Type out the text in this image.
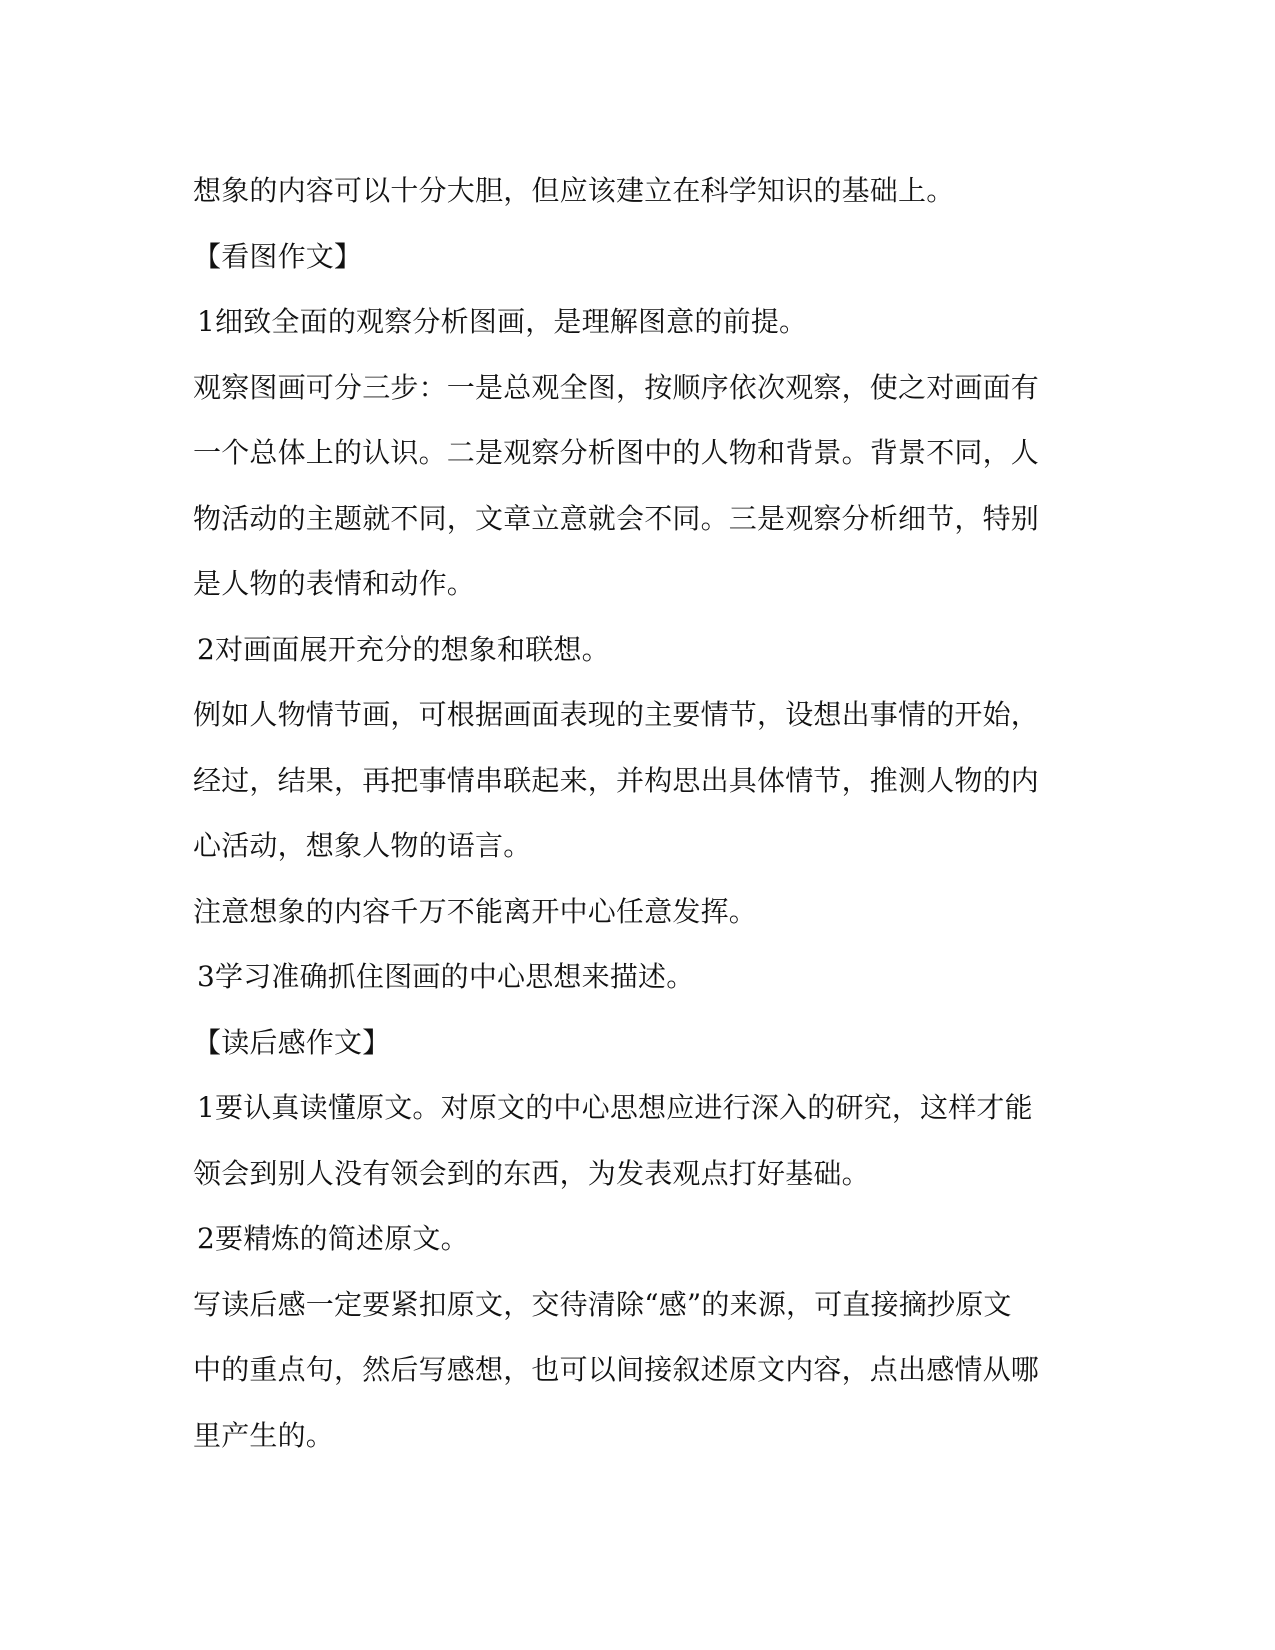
想象的内容可以十分大胆，但应该建立在科学知识的基础上。
【看图作文】
1细致全面的观察分析图画，是理解图意的前提。
观察图画可分三步：一是总观全图，按顺序依次观察，使之对画面有
一个总体上的认识。二是观察分析图中的人物和背景。背景不同，人
物活动的主题就不同，文章立意就会不同。三是观察分析细节，特别
是人物的表情和动作。
2对画面展开充分的想象和联想。
例如人物情节画，可根据画面表现的主要情节，设想出事情的开始，
经过，结果，再把事情串联起来，并构思出具体情节，推测人物的内
心活动，想象人物的语言。
注意想象的内容千万不能离开中心任意发挥。
3学习准确抓住图画的中心思想来描述。
【读后感作文】
1要认真读懂原文。对原文的中心思想应进行深入的研究，这样才能
领会到别人没有领会到的东西，为发表观点打好基础。
2要精炼的简述原文。
写读后感一定要紧扣原文，交待清除“感”的来源，可直接摘抄原文
中的重点句，然后写感想，也可以间接叙述原文内容，点出感情从哪
里产生的。
